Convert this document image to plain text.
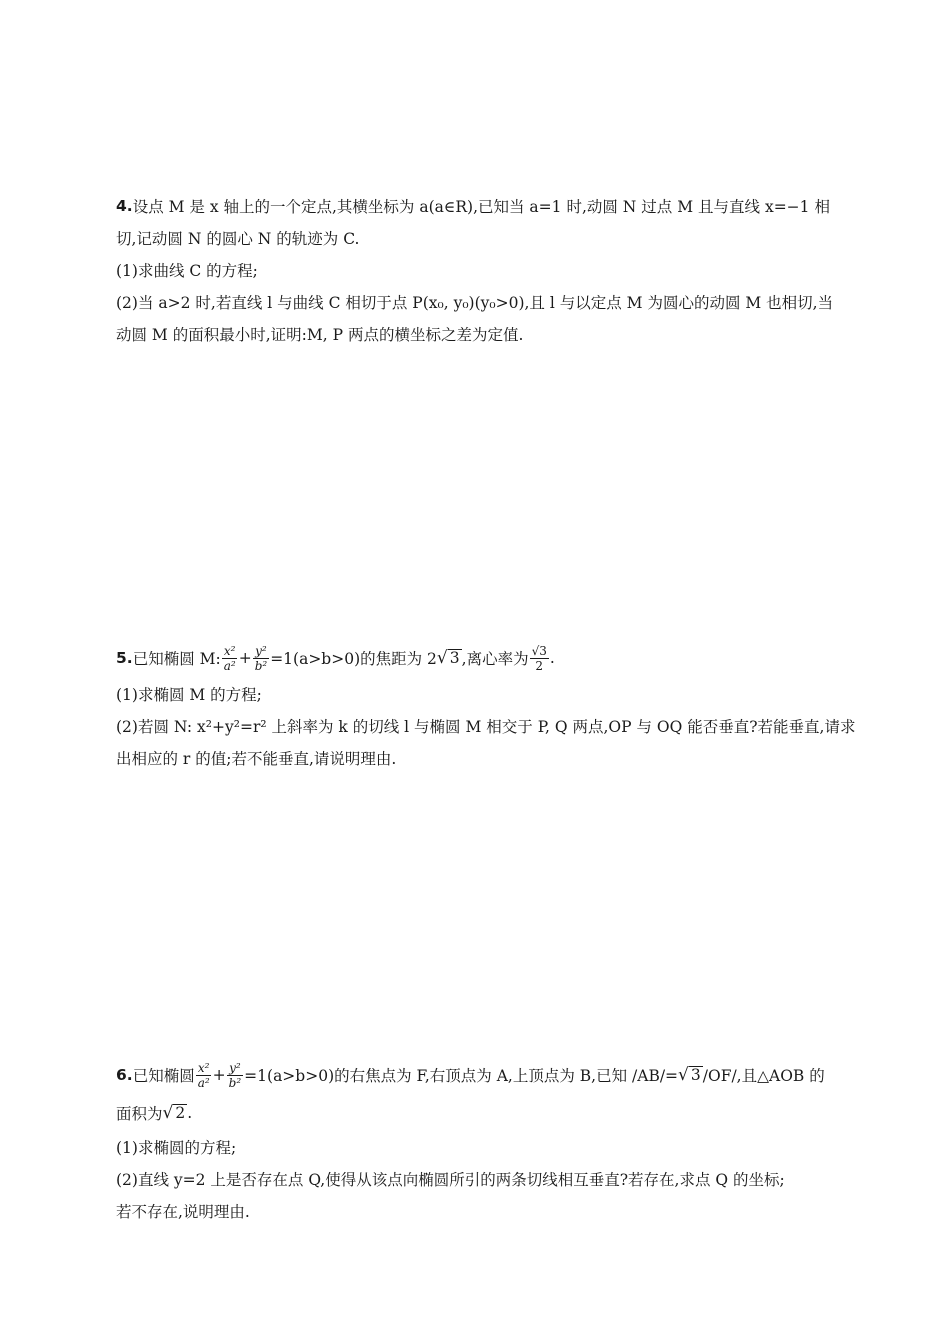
4. 设点 M 是 x 轴上的一个定点,其横坐标为 a(a∈R),已知当 a=1 时,动圆 N 过点 M 且与直线 x=−1 相
切,记动圆 N 的圆心 N 的轨迹为 C.
(1)求曲线 C 的方程;
(2)当 a>2 时,若直线 l 与曲线 C 相切于点 P(x₀, y₀)(y₀>0),且 l 与以定点 M 为圆心的动圆 M 也相切,当
动圆 M 的面积最小时,证明:M, P 两点的横坐标之差为定值.
5. 已知椭圆 M: $\frac{\text{x²}}{\text{a²}} + \frac{\text{y²}}{\text{b²}} =1(a>b>0)$的焦距为 2 √ 3 ,离心率为 $\frac{√3}{2}$ .
(1)求椭圆 M 的方程;
(2)若圆 N: x²+y²=r² 上斜率为 k 的切线 l 与椭圆 M 相交于 P, Q 两点,OP 与 OQ 能否垂直?若能垂直,请求
出相应的 r 的值;若不能垂直,请说明理由.
6. 已知椭圆 $\frac{\text{x²}}{\text{a²}} + \frac{\text{y²}}{\text{b²}} =1(a>b>0)$的右焦点为 F,右顶点为 A,上顶点为 B,已知 /AB/= √ 3 /OF/,且△AOB 的
面积为 √ 2 .
(1)求椭圆的方程;
(2)直线 y=2 上是否存在点 Q,使得从该点向椭圆所引的两条切线相互垂直?若存在,求点 Q 的坐标;
若不存在,说明理由.
